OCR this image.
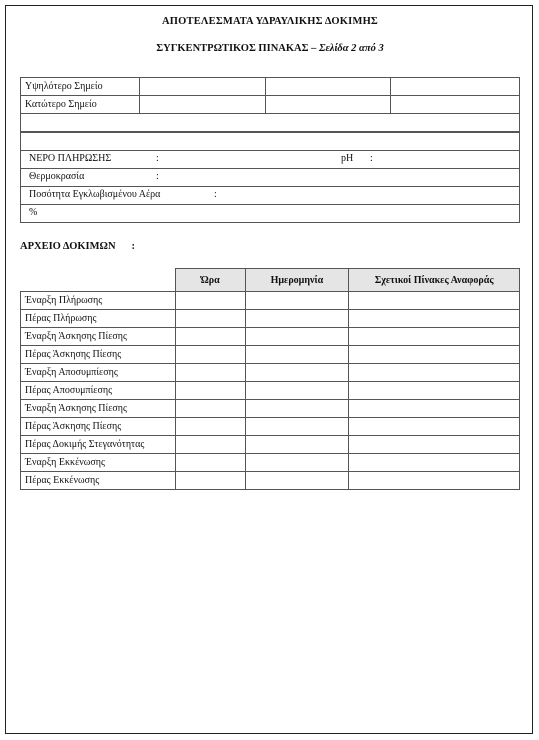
ΑΠΟΤΕΛΕΣΜΑΤΑ ΥΔΡΑΥΛΙΚΗΣ ΔΟΚΙΜΗΣ
ΣΥΓΚΕΝΤΡΩΤΙΚΟΣ ΠΙΝΑΚΑΣ – Σελίδα 2 από 3
Υψηλότερο Σημείο			
Κατώτερο Σημείο			

ΝΕΡΟ ΠΛΗΡΩΣΗΣ	:	pH :

Θερμοκρασία	:

Ποσότητα Εγκλωβισμένου Αέρα	:

%
ΑΡΧΕΙΟ ΔΟΚΙΜΩΝ :
	Ώρα	Ημερομηνία	Σχετικοί Πίνακες Αναφοράς
Έναρξη Πλήρωσης			
Πέρας Πλήρωσης			
Έναρξη Άσκησης Πίεσης			
Πέρας Άσκησης Πίεσης			
Έναρξη Αποσυμπίεσης			
Πέρας Αποσυμπίεσης			
Έναρξη Άσκησης Πίεσης			
Πέρας Άσκησης Πίεσης			
Πέρας Δοκιμής Στεγανότητας			
Έναρξη Εκκένωσης			
Πέρας Εκκένωσης			
